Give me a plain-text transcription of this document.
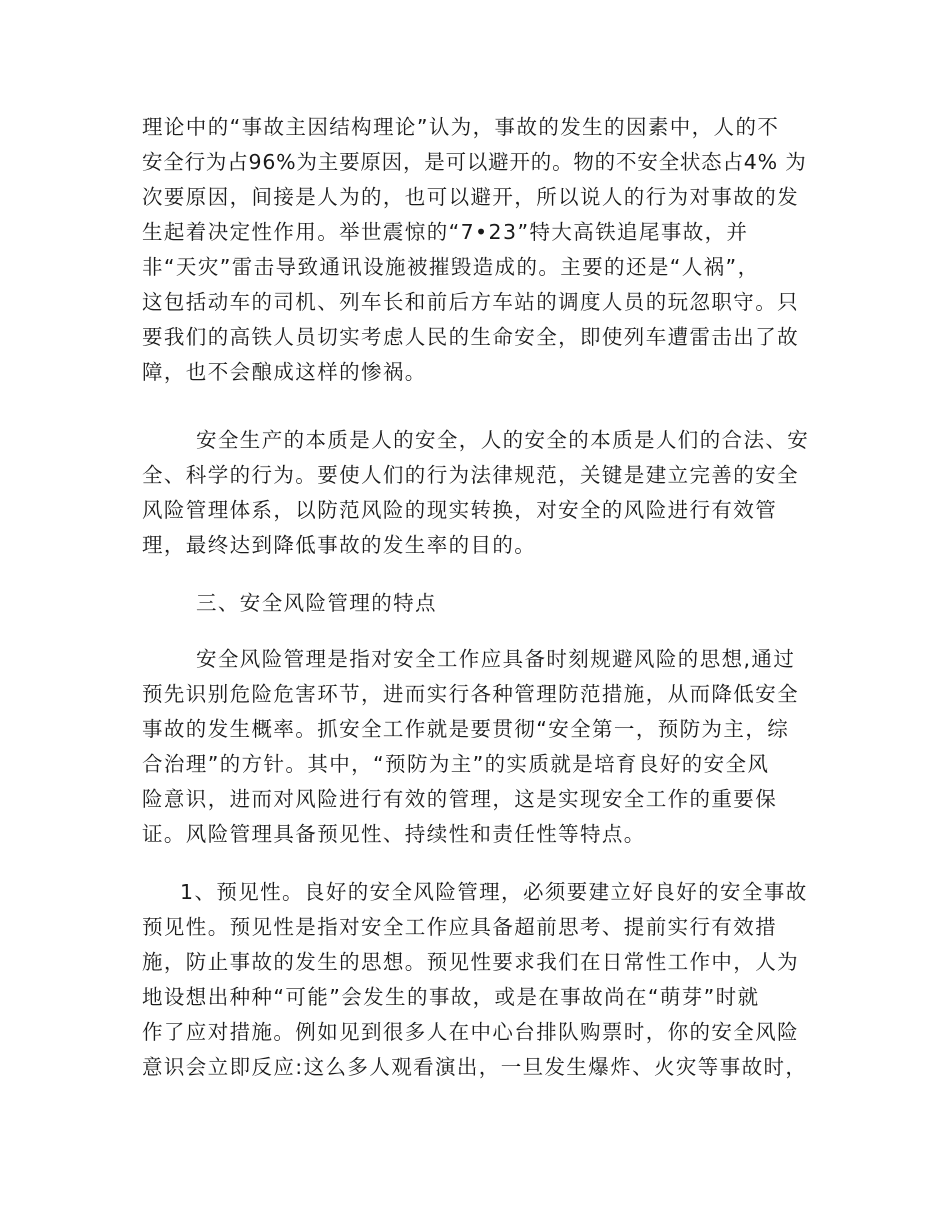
理论中的“事故主因结构理论”认为，事故的发生的因素中，人的不
安全行为占96%为主要原因，是可以避开的。物的不安全状态占4% 为
次要原因，间接是人为的，也可以避开，所以说人的行为对事故的发
生起着决定性作用。举世震惊的“7•23”特大高铁追尾事故，并
非“天灾”雷击导致通讯设施被摧毁造成的。主要的还是“人祸”，
这包括动车的司机、列车长和前后方车站的调度人员的玩忽职守。只
要我们的高铁人员切实考虑人民的生命安全，即使列车遭雷击出了故
障，也不会酿成这样的惨祸。
安全生产的本质是人的安全，人的安全的本质是人们的合法、安
全、科学的行为。要使人们的行为法律规范，关键是建立完善的安全
风险管理体系，以防范风险的现实转换，对安全的风险进行有效管
理，最终达到降低事故的发生率的目的。
三、安全风险管理的特点
安全风险管理是指对安全工作应具备时刻规避风险的思想,通过
预先识别危险危害环节，进而实行各种管理防范措施，从而降低安全
事故的发生概率。抓安全工作就是要贯彻“安全第一，预防为主，综
合治理”的方针。其中，“预防为主”的实质就是培育良好的安全风
险意识，进而对风险进行有效的管理，这是实现安全工作的重要保
证。风险管理具备预见性、持续性和责任性等特点。
1、预见性。良好的安全风险管理，必须要建立好良好的安全事故
预见性。预见性是指对安全工作应具备超前思考、提前实行有效措
施，防止事故的发生的思想。预见性要求我们在日常性工作中，人为
地设想出种种“可能”会发生的事故，或是在事故尚在“萌芽”时就
作了应对措施。例如见到很多人在中心台排队购票时，你的安全风险
意识会立即反应:这么多人观看演出，一旦发生爆炸、火灾等事故时，
